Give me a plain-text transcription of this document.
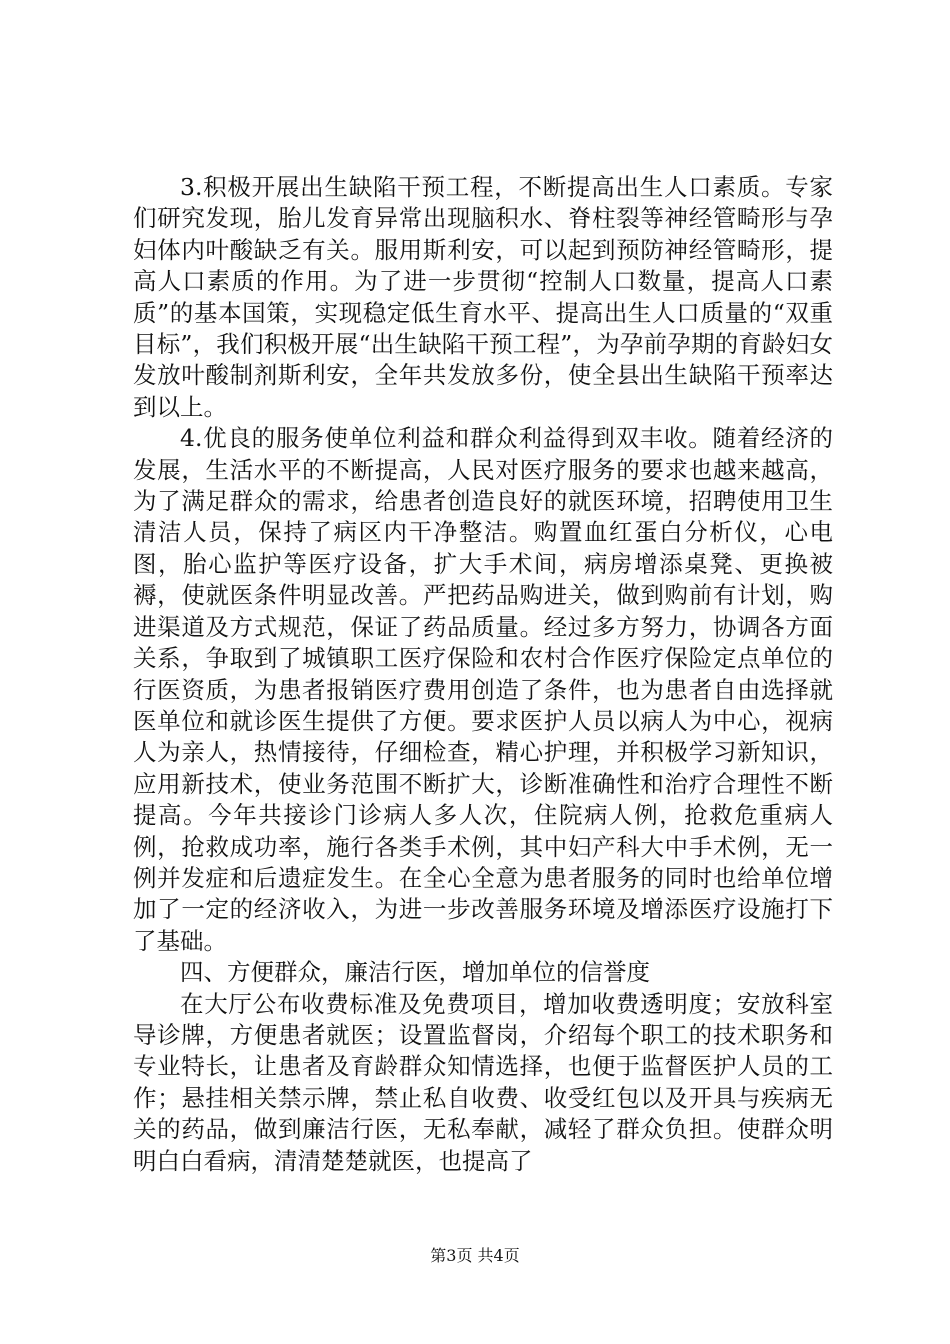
3.积极开展出生缺陷干预工程，不断提高出生人口素质。专家们研究发现，胎儿发育异常出现脑积水、脊柱裂等神经管畸形与孕妇体内叶酸缺乏有关。服用斯利安，可以起到预防神经管畸形，提高人口素质的作用。为了进一步贯彻“控制人口数量，提高人口素质”的基本国策，实现稳定低生育水平、提高出生人口质量的“双重目标”，我们积极开展“出生缺陷干预工程”，为孕前孕期的育龄妇女发放叶酸制剂斯利安，全年共发放多份，使全县出生缺陷干预率达到以上。

4.优良的服务使单位利益和群众利益得到双丰收。随着经济的发展，生活水平的不断提高，人民对医疗服务的要求也越来越高，为了满足群众的需求，给患者创造良好的就医环境，招聘使用卫生清洁人员，保持了病区内干净整洁。购置血红蛋白分析仪，心电图，胎心监护等医疗设备，扩大手术间，病房增添桌凳、更换被褥，使就医条件明显改善。严把药品购进关，做到购前有计划，购进渠道及方式规范，保证了药品质量。经过多方努力，协调各方面关系，争取到了城镇职工医疗保险和农村合作医疗保险定点单位的行医资质，为患者报销医疗费用创造了条件，也为患者自由选择就医单位和就诊医生提供了方便。要求医护人员以病人为中心，视病人为亲人，热情接待，仔细检查，精心护理，并积极学习新知识，应用新技术，使业务范围不断扩大，诊断准确性和治疗合理性不断提高。今年共接诊门诊病人多人次，住院病人例，抢救危重病人例，抢救成功率，施行各类手术例，其中妇产科大中手术例，无一例并发症和后遗症发生。在全心全意为患者服务的同时也给单位增加了一定的经济收入，为进一步改善服务环境及增添医疗设施打下了基础。

四、方便群众，廉洁行医，增加单位的信誉度

在大厅公布收费标准及免费项目，增加收费透明度；安放科室导诊牌，方便患者就医；设置监督岗，介绍每个职工的技术职务和专业特长，让患者及育龄群众知情选择，也便于监督医护人员的工作；悬挂相关禁示牌，禁止私自收费、收受红包以及开具与疾病无关的药品，做到廉洁行医，无私奉献，减轻了群众负担。使群众明明白白看病，清清楚楚就医，也提高了

第3页 共4页
